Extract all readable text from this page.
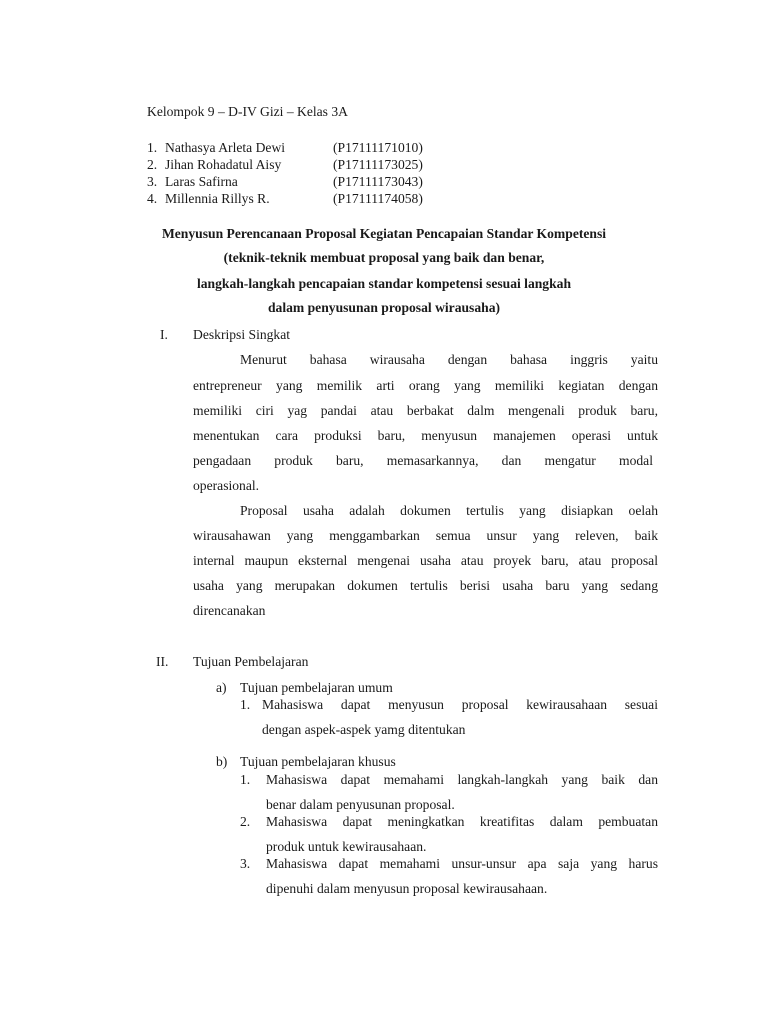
Kelompok 9 – D-IV Gizi – Kelas 3A
1. Nathasya Arleta Dewi	(P17111171010)
2. Jihan Rohadatul Aisy	(P17111173025)
3. Laras Safirna	(P17111173043)
4. Millennia Rillys R.	(P17111174058)
Menyusun Perencanaan Proposal Kegiatan Pencapaian Standar Kompetensi
(teknik-teknik membuat proposal yang baik dan benar,
langkah-langkah pencapaian standar kompetensi sesuai langkah
dalam penyusunan proposal wirausaha)
I. Deskripsi Singkat
Menurut bahasa wirausaha dengan bahasa inggris yaitu
entrepreneur yang memilik arti orang yang memiliki kegiatan dengan
memiliki ciri yag pandai atau berbakat dalm mengenali produk baru,
menentukan cara produksi baru, menyusun manajemen operasi untuk
pengadaan produk baru, memasarkannya, dan mengatur modal
operasional.
Proposal usaha adalah dokumen tertulis yang disiapkan oelah
wirausahawan yang menggambarkan semua unsur yang releven, baik
internal maupun eksternal mengenai usaha atau proyek baru, atau proposal
usaha yang merupakan dokumen tertulis berisi usaha baru yang sedang
direncanakan
II. Tujuan Pembelajaran
a) Tujuan pembelajaran umum
1. Mahasiswa dapat menyusun proposal kewirausahaan sesuai
dengan aspek-aspek yamg ditentukan
b) Tujuan pembelajaran khusus
1. Mahasiswa dapat memahami langkah-langkah yang baik dan
benar dalam penyusunan proposal.
2. Mahasiswa dapat meningkatkan kreatifitas dalam pembuatan
produk untuk kewirausahaan.
3. Mahasiswa dapat memahami unsur-unsur apa saja yang harus
dipenuhi dalam menyusun proposal kewirausahaan.
